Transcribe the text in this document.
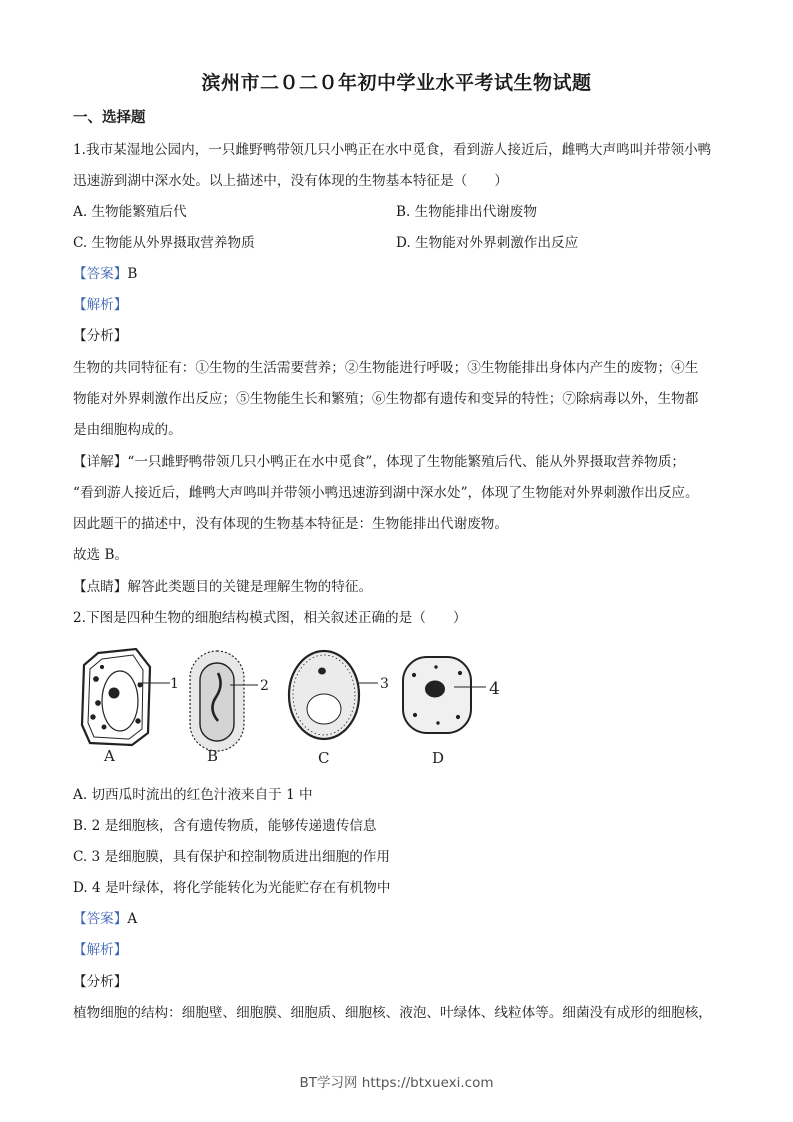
滨州市二０二０年初中学业水平考试生物试题
一、选择题
1.我市某湿地公园内，一只雌野鸭带领几只小鸭正在水中觅食，看到游人接近后，雌鸭大声鸣叫并带领小鸭
迅速游到湖中深水处。以上描述中，没有体现的生物基本特征是（　　）
A. 生物能繁殖后代	B. 生物能排出代谢废物
C. 生物能从外界摄取营养物质	D. 生物能对外界刺激作出反应
【答案】B
【解析】
【分析】
生物的共同特征有：①生物的生活需要营养；②生物能进行呼吸；③生物能排出身体内产生的废物；④生
物能对外界刺激作出反应；⑤生物能生长和繁殖；⑥生物都有遗传和变异的特性；⑦除病毒以外，生物都
是由细胞构成的。
【详解】“一只雌野鸭带领几只小鸭正在水中觅食”，体现了生物能繁殖后代、能从外界摄取营养物质；
“看到游人接近后，雌鸭大声鸣叫并带领小鸭迅速游到湖中深水处”，体现了生物能对外界刺激作出反应。
因此题干的描述中，没有体现的生物基本特征是：生物能排出代谢废物。
故选 B。
【点睛】解答此类题目的关键是理解生物的特征。
2.下图是四种生物的细胞结构模式图，相关叙述正确的是（　　）
1	2	3	4
A	B	C	D
A. 切西瓜时流出的红色汁液来自于 1 中
B. 2 是细胞核，含有遗传物质，能够传递遗传信息
C. 3 是细胞膜，具有保护和控制物质进出细胞的作用
D. 4 是叶绿体，将化学能转化为光能贮存在有机物中
【答案】A
【解析】
【分析】
植物细胞的结构：细胞壁、细胞膜、细胞质、细胞核、液泡、叶绿体、线粒体等。细菌没有成形的细胞核，
BT学习网 https://btxuexi.com
